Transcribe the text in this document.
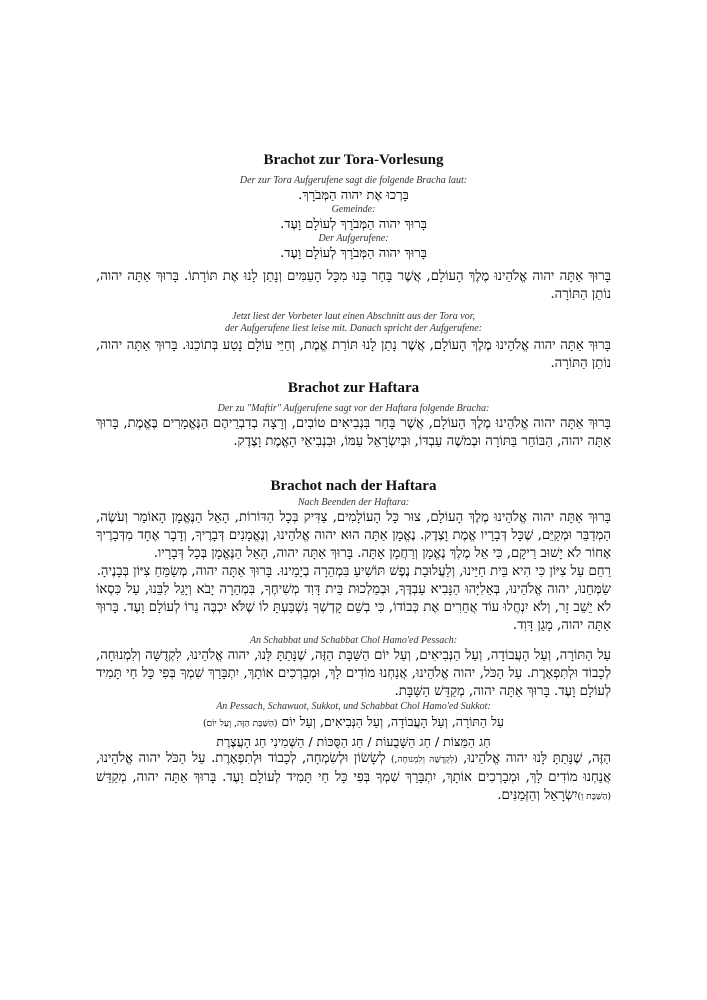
Brachot zur Tora-Vorlesung

Der zur Tora Aufgerufene sagt die folgende Bracha laut:

בָּרְכוּ אֶת יהוה הַמְּבֹרָךְ.

Gemeinde:

בָּרוּךְ יהוה הַמְּבֹרָךְ לְעוֹלָם וָעֶד.

Der Aufgerufene:

בָּרוּךְ יהוה הַמְּבֹרָךְ לְעוֹלָם וָעֶד.

בָּרוּךְ אַתָּה יהוה אֱלֹהֵינוּ מֶלֶךְ הָעוֹלָם, אֲשֶׁר בָּחַר בָּנוּ מִכָּל הָעַמִּים וְנָתַן לָנוּ אֶת תּוֹרָתוֹ. בָּרוּךְ אַתָּה יהוה, נוֹתֵן הַתּוֹרָה.

Jetzt liest der Vorbeter laut einen Abschnitt aus der Tora vor,

der Aufgerufene liest leise mit. Danach spricht der Aufgerufene:

בָּרוּךְ אַתָּה יהוה אֱלֹהֵינוּ מֶלֶךְ הָעוֹלָם, אֲשֶׁר נָתַן לָנוּ תּוֹרַת אֱמֶת, וְחַיֵּי עוֹלָם נָטַע בְּתוֹכֵנוּ. בָּרוּךְ אַתָּה יהוה, נוֹתֵן הַתּוֹרָה.

Brachot zur Haftara

Der zu "Maftir" Aufgerufene sagt vor der Haftara folgende Bracha:

בָּרוּךְ אַתָּה יהוה אֱלֹהֵינוּ מֶלֶךְ הָעוֹלָם, אֲשֶׁר בָּחַר בִּנְבִיאִים טוֹבִים, וְרָצָה בְדִבְרֵיהֶם הַנֶּאֱמָרִים בֶּאֱמֶת, בָּרוּךְ אַתָּה יהוה, הַבּוֹחֵר בַּתּוֹרָה וּבְמֹשֶׁה עַבְדּוֹ, וּבְיִשְׂרָאֵל עַמּוֹ, וּבִנְבִיאֵי הָאֱמֶת וָצֶדֶק.

Brachot nach der Haftara

Nach Beenden der Haftara:

בָּרוּךְ אַתָּה יהוה אֱלֹהֵינוּ מֶלֶךְ הָעוֹלָם, צוּר כָּל הָעוֹלָמִים, צַדִּיק בְּכָל הַדּוֹרוֹת, הָאֵל הַנֶּאֱמָן הָאוֹמֵר וְעֹשֶׂה, הַמְדַבֵּר וּמְקַיֵּם, שֶׁכָּל דְּבָרָיו אֱמֶת וָצֶדֶק. נֶאֱמָן אַתָּה הוּא יהוה אֱלֹהֵינוּ, וְנֶאֱמָנִים דְּבָרֶיךָ, וְדָבָר אֶחָד מִדְּבָרֶיךָ אָחוֹר לֹא יָשׁוּב רֵיקָם, כִּי אֵל מֶלֶךְ נֶאֱמָן וְרַחֲמָן אָתָּה. בָּרוּךְ אַתָּה יהוה, הָאֵל הַנֶּאֱמָן בְּכָל דְּבָרָיו.

רַחֵם עַל צִיּוֹן כִּי הִיא בֵּית חַיֵּינוּ, וְלַעֲלוּבַת נֶפֶשׁ תּוֹשִׁיעַ בִּמְהֵרָה בְיָמֵינוּ. בָּרוּךְ אַתָּה יהוה, מְשַׂמֵּחַ צִיּוֹן בְּבָנֶיהָ.

שַׂמְּחֵנוּ, יהוה אֱלֹהֵינוּ, בְּאֵלִיָּהוּ הַנָּבִיא עַבְדֶּךָ, וּבְמַלְכוּת בֵּית דָּוִד מְשִׁיחֶךָ, בִּמְהֵרָה יָבֹא וְיָגֵל לִבֵּנוּ, עַל כִּסְאוֹ לֹא יֵשֵׁב זָר, וְלֹא יִנְחֲלוּ עוֹד אֲחֵרִים אֶת כְּבוֹדוֹ, כִּי בְשֵׁם קָדְשְׁךָ נִשְׁבַּעְתָּ לוֹ שֶׁלֹּא יִכְבֶּה נֵרוֹ לְעוֹלָם וָעֶד. בָּרוּךְ אַתָּה יהוה, מָגֵן דָּוִד.

An Schabbat und Schabbat Chol Hamo'ed Pessach:

עַל הַתּוֹרָה, וְעַל הָעֲבוֹדָה, וְעַל הַנְּבִיאִים, וְעַל יוֹם הַשַּׁבָּת הַזֶּה, שֶׁנָּתַתָּ לָּנוּ, יהוה אֱלֹהֵינוּ, לִקְדֻשָּׁה וְלִמְנוּחָה, לְכָבוֹד וּלְתִפְאָרֶת. עַל הַכֹּל, יהוה אֱלֹהֵינוּ, אֲנַחְנוּ מוֹדִים לָךְ, וּמְבָרְכִים אוֹתָךְ, יִתְבָּרַךְ שִׁמְךָ בְּפִי כָּל חַי תָּמִיד לְעוֹלָם וָעֶד. בָּרוּךְ אַתָּה יהוה, מְקַדֵּשׁ הַשַּׁבָּת.

An Pessach, Schawuot, Sukkot, und Schabbat Chol Hamo'ed Sukkot:

עַל הַתּוֹרָה, וְעַל הָעֲבוֹדָה, וְעַל הַנְּבִיאִים, וְעַל יוֹם (הַשַּׁבָּת הַזֶּה, וְעַל יוֹם)

חַג הַמַּצּוֹת / חַג הַשָּׁבֻעוֹת / חַג הַסֻּכּוֹת / הַשְּׁמִינִי חַג הָעֲצֶרֶת

הַזֶּה, שֶׁנָּתַתָּ לָּנוּ יהוה אֱלֹהֵינוּ, (לִקְדֻשָּׁה וְלִמְנוּחָה,) לְשָׂשׂוֹן וּלְשִׂמְחָה, לְכָבוֹד וּלְתִפְאָרֶת. עַל הַכֹּל יהוה אֱלֹהֵינוּ, אֲנַחְנוּ מוֹדִים לָךְ, וּמְבָרְכִים אוֹתָךְ, יִתְבָּרַךְ שִׁמְךָ בְּפִי כָּל חַי תָּמִיד לְעוֹלָם וָעֶד. בָּרוּךְ אַתָּה יהוה, מְקַדֵּשׁ (הַשַּׁבָּת וְ)יִשְׂרָאֵל וְהַזְּמַנִּים.
